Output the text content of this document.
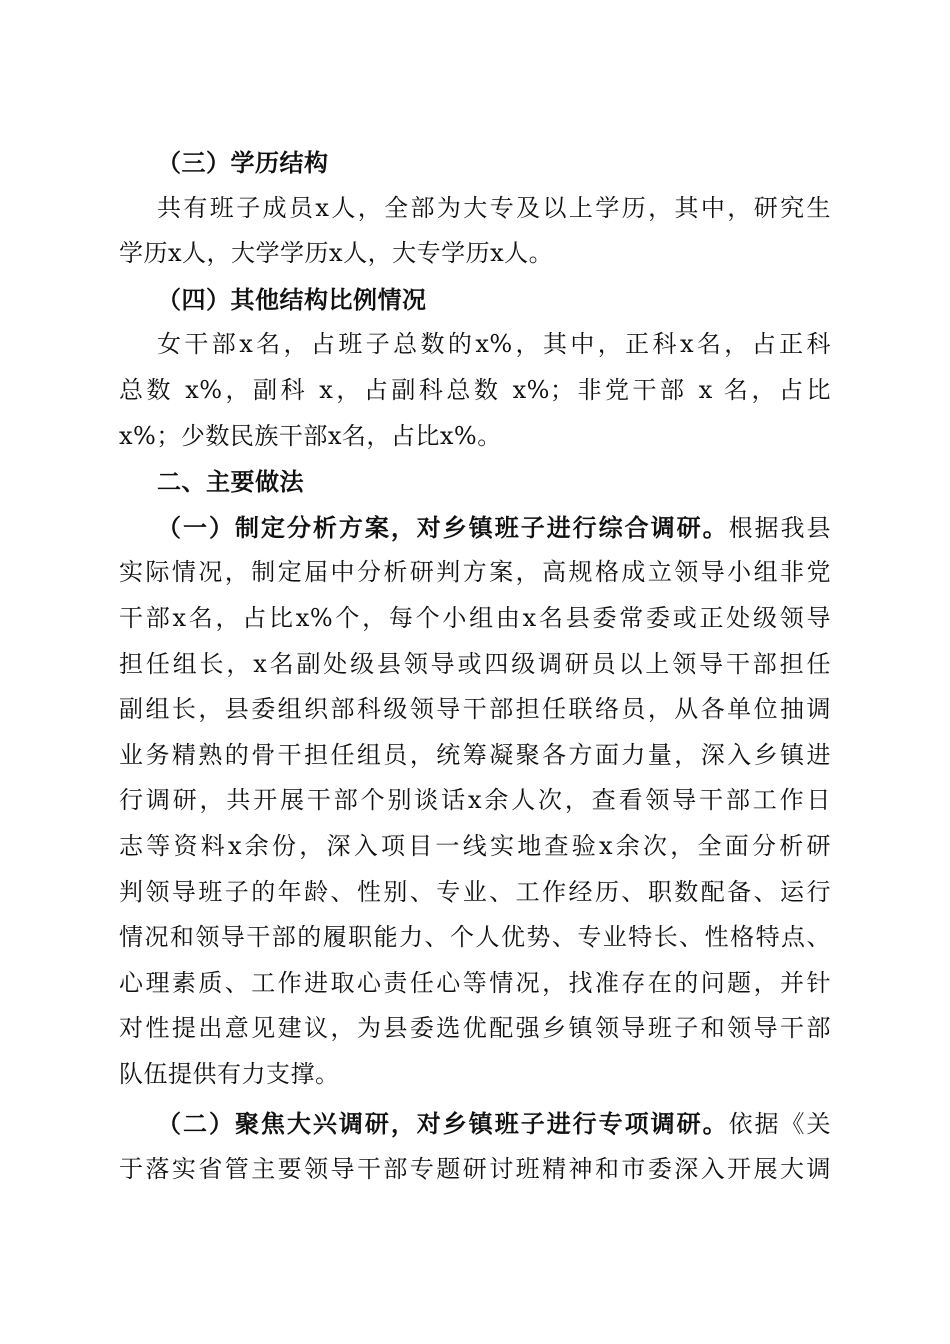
（三）学历结构
共有班子成员x人，全部为大专及以上学历，其中，研究生
学历x人，大学学历x人，大专学历x人。
（四）其他结构比例情况
女干部x名，占班子总数的x%，其中，正科x名，占正科
总数 x%，副科 x，占副科总数 x%；非党干部 x 名，占比
x%；少数民族干部x名，占比x%。
二、主要做法
（一）制定分析方案，对乡镇班子进行综合调研。根据我县
实际情况，制定届中分析研判方案，高规格成立领导小组非党
干部x名，占比x%个，每个小组由x名县委常委或正处级领导
担任组长，x名副处级县领导或四级调研员以上领导干部担任
副组长，县委组织部科级领导干部担任联络员，从各单位抽调
业务精熟的骨干担任组员，统筹凝聚各方面力量，深入乡镇进
行调研，共开展干部个别谈话x余人次，查看领导干部工作日
志等资料x余份，深入项目一线实地查验x余次，全面分析研
判领导班子的年龄、性别、专业、工作经历、职数配备、运行
情况和领导干部的履职能力、个人优势、专业特长、性格特点、
心理素质、工作进取心责任心等情况，找准存在的问题，并针
对性提出意见建议，为县委选优配强乡镇领导班子和领导干部
队伍提供有力支撑。
（二）聚焦大兴调研，对乡镇班子进行专项调研。依据《关
于落实省管主要领导干部专题研讨班精神和市委深入开展大调
